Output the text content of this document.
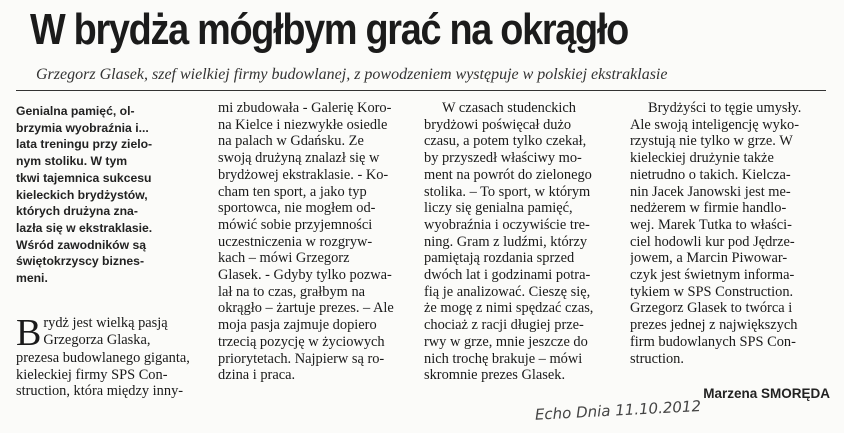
W brydża mógłbym grać na okrągło
Grzegorz Glasek, szef wielkiej firmy budowlanej, z powodzeniem występuje w polskiej ekstraklasie
Genialna pamięć, ol-
brzymia wyobraźnia i...
lata treningu przy zielo-
nym stoliku. W tym
tkwi tajemnica sukcesu
kieleckich brydżystów,
których drużyna zna-
lazła się w ekstraklasie.
Wśród zawodników są
świętokrzyscy biznes-
meni.
B rydż jest wielką pasją
Grzegorza Glaska,
prezesa budowlanego giganta,
kieleckiej firmy SPS Con-
struction, która między inny-
mi zbudowała - Galerię Koro-
na Kielce i niezwykłe osiedle
na palach w Gdańsku. Ze
swoją drużyną znalazł się w
brydżowej ekstraklasie. - Ko-
cham ten sport, a jako typ
sportowca, nie mogłem od-
mówić sobie przyjemności
uczestniczenia w rozgryw-
kach – mówi Grzegorz
Glasek. - Gdyby tylko pozwa-
lał na to czas, grałbym na
okrągło – żartuje prezes. – Ale
moja pasja zajmuje dopiero
trzecią pozycję w życiowych
priorytetach. Najpierw są ro-
dzina i praca.
W czasach studenckich
brydżowi poświęcał dużo
czasu, a potem tylko czekał,
by przyszedł właściwy mo-
ment na powrót do zielonego
stolika. – To sport, w którym
liczy się genialna pamięć,
wyobraźnia i oczywiście tre-
ning. Gram z ludźmi, którzy
pamiętają rozdania sprzed
dwóch lat i godzinami potra-
fią je analizować. Cieszę się,
że mogę z nimi spędzać czas,
chociaż z racji długiej prze-
rwy w grze, mnie jeszcze do
nich trochę brakuje – mówi
skromnie prezes Glasek.
Brydżyści to tęgie umysły.
Ale swoją inteligencję wyko-
rzystują nie tylko w grze. W
kieleckiej drużynie także
nietrudno o takich. Kielcza-
nin Jacek Janowski jest me-
nedżerem w firmie handlo-
wej. Marek Tutka to właści-
ciel hodowli kur pod Jędrze-
jowem, a Marcin Piwowar-
czyk jest świetnym informa-
tykiem w SPS Construction.
Grzegorz Glasek to twórca i
prezes jednej z największych
firm budowlanych SPS Con-
struction.
Marzena SMORĘDA
Echo Dnia 11.10.2012
